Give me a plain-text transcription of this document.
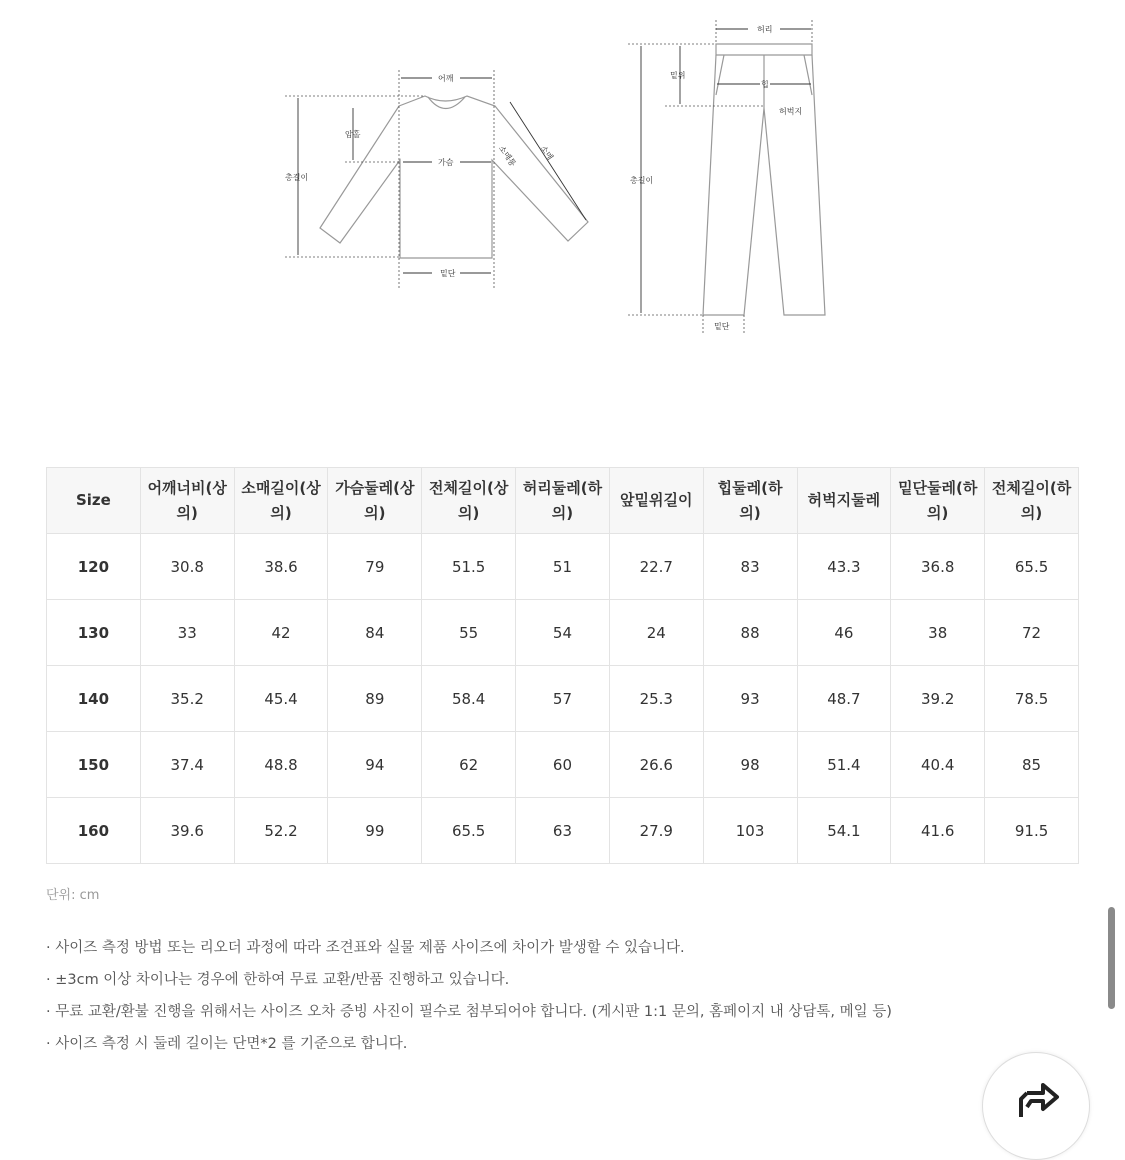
어깨
암홀
가슴	소매통	소매
총길이
밑단
허리
밑위
힙
허벅지
총길이
밑단
Size	어깨너비(상의)	소매길이(상의)	가슴둘레(상의)	전체길이(상의)	허리둘레(하의)	앞밑위길이	힙둘레(하의)	허벅지둘레	밑단둘레(하의)	전체길이(하의)
120	30.8	38.6	79	51.5	51	22.7	83	43.3	36.8	65.5
130	33	42	84	55	54	24	88	46	38	72
140	35.2	45.4	89	58.4	57	25.3	93	48.7	39.2	78.5
150	37.4	48.8	94	62	60	26.6	98	51.4	40.4	85
160	39.6	52.2	99	65.5	63	27.9	103	54.1	41.6	91.5
단위: cm
· 사이즈 측정 방법 또는 리오더 과정에 따라 조견표와 실물 제품 사이즈에 차이가 발생할 수 있습니다.
· ±3cm 이상 차이나는 경우에 한하여 무료 교환/반품 진행하고 있습니다.
· 무료 교환/환불 진행을 위해서는 사이즈 오차 증빙 사진이 필수로 첨부되어야 합니다. (게시판 1:1 문의, 홈페이지 내 상담톡, 메일 등)
· 사이즈 측정 시 둘레 길이는 단면*2 를 기준으로 합니다.
